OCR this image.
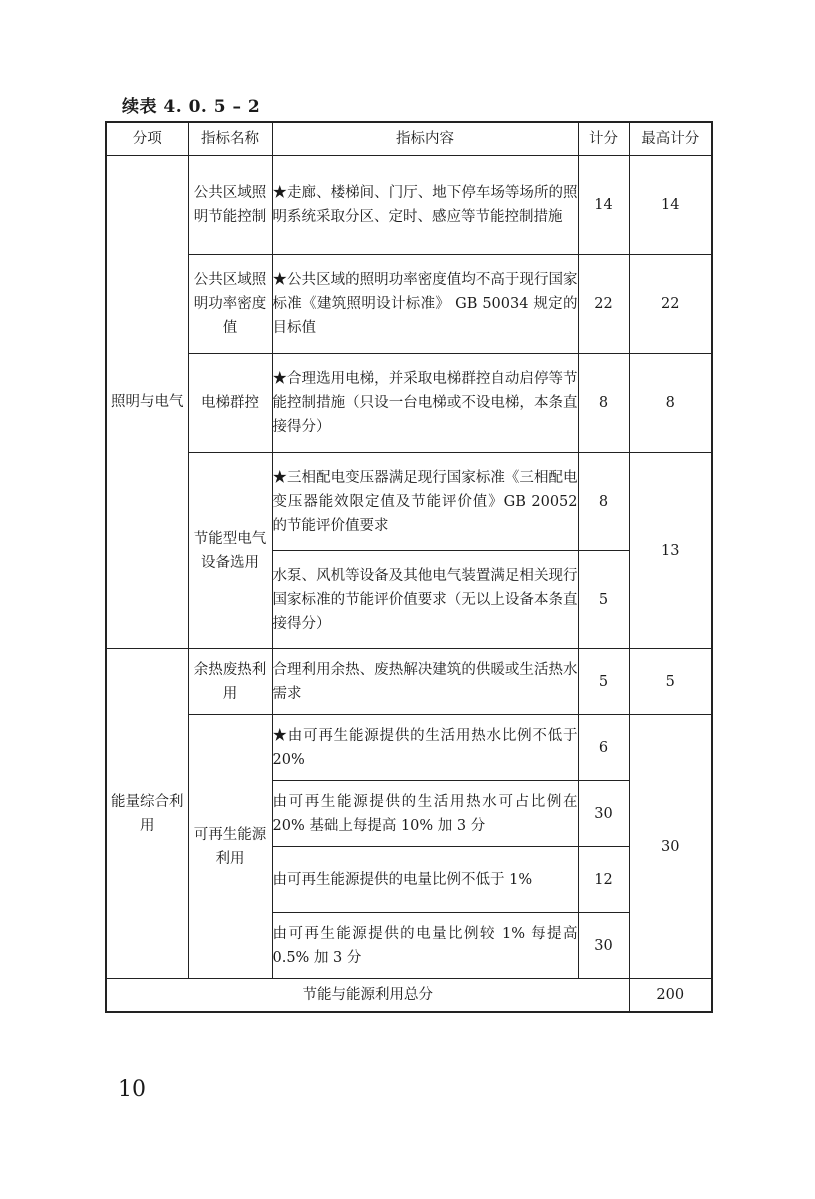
续表 4. 0. 5 – 2
分项	指标名称	指标内容	计分	最高计分
照明与电气	公共区域照明节能控制	★走廊、楼梯间、门厅、地下停车场等场所的照明系统采取分区、定时、感应等节能控制措施	14	14
	公共区域照明功率密度值	★公共区域的照明功率密度值均不高于现行国家标准《建筑照明设计标准》 GB 50034 规定的目标值	22	22
	电梯群控	★合理选用电梯，并采取电梯群控自动启停等节能控制措施（只设一台电梯或不设电梯，本条直接得分）	8	8
	节能型电气设备选用	★三相配电变压器满足现行国家标准《三相配电变压器能效限定值及节能评价值》GB 20052 的节能评价值要求	8	13
		水泵、风机等设备及其他电气装置满足相关现行国家标准的节能评价值要求（无以上设备本条直接得分）	5	
能量综合利用	余热废热利用	合理利用余热、废热解决建筑的供暖或生活热水需求	5	5
	可再生能源利用	★由可再生能源提供的生活用热水比例不低于 20%	6	30
		由可再生能源提供的生活用热水可占比例在 20% 基础上每提高 10% 加 3 分	30	
		由可再生能源提供的电量比例不低于 1%	12	
		由可再生能源提供的电量比例较 1% 每提高 0.5% 加 3 分	30	
节能与能源利用总分				200
10
